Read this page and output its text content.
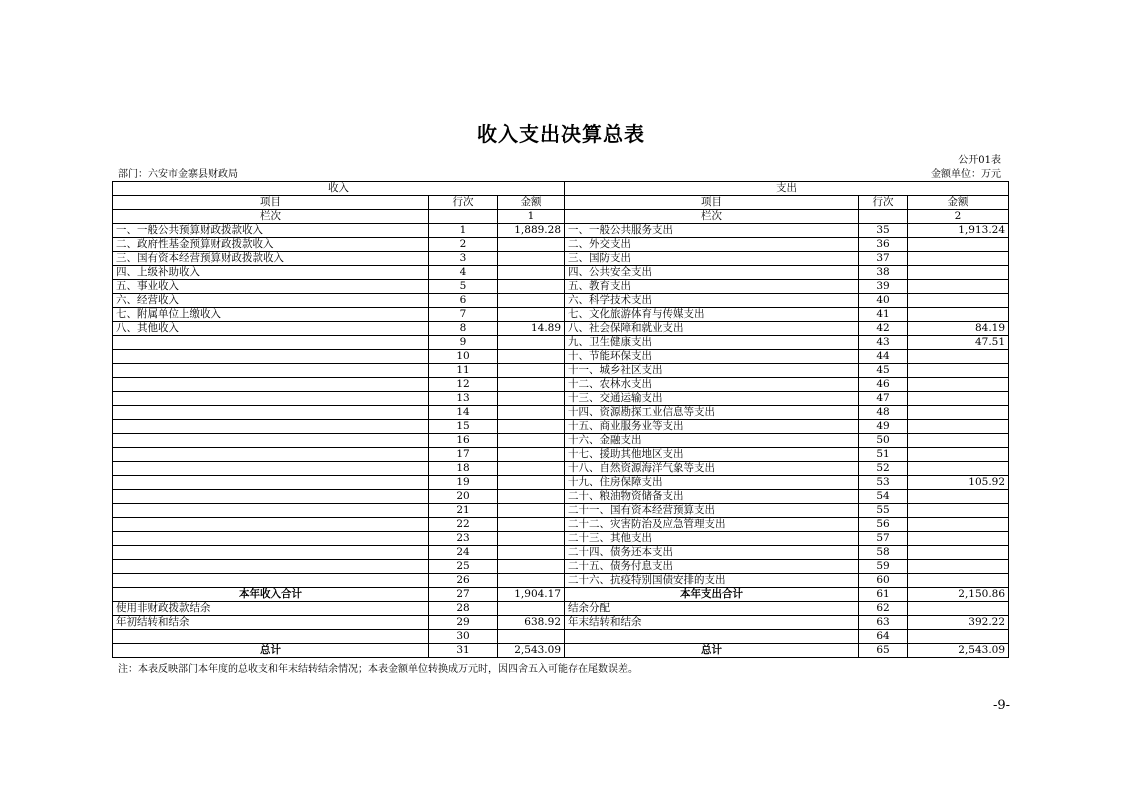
收入支出决算总表
公开01表
部门：六安市金寨县财政局	金额单位：万元
收入			支出		
项目	行次	金额	项目	行次	金额
栏次		1	栏次		2
一、一般公共预算财政拨款收入	1	1,889.28	一、一般公共服务支出	35	1,913.24
二、政府性基金预算财政拨款收入	2		二、外交支出	36	
三、国有资本经营预算财政拨款收入	3		三、国防支出	37	
四、上级补助收入	4		四、公共安全支出	38	
五、事业收入	5		五、教育支出	39	
六、经营收入	6		六、科学技术支出	40	
七、附属单位上缴收入	7		七、文化旅游体育与传媒支出	41	
八、其他收入	8	14.89	八、社会保障和就业支出	42	84.19
	9		九、卫生健康支出	43	47.51
	10		十、节能环保支出	44	
	11		十一、城乡社区支出	45	
	12		十二、农林水支出	46	
	13		十三、交通运输支出	47	
	14		十四、资源勘探工业信息等支出	48	
	15		十五、商业服务业等支出	49	
	16		十六、金融支出	50	
	17		十七、援助其他地区支出	51	
	18		十八、自然资源海洋气象等支出	52	
	19		十九、住房保障支出	53	105.92
	20		二十、粮油物资储备支出	54	
	21		二十一、国有资本经营预算支出	55	
	22		二十二、灾害防治及应急管理支出	56	
	23		二十三、其他支出	57	
	24		二十四、债务还本支出	58	
	25		二十五、债务付息支出	59	
	26		二十六、抗疫特别国债安排的支出	60	
本年收入合计	27	1,904.17	本年支出合计	61	2,150.86
使用非财政拨款结余	28		结余分配	62	
年初结转和结余	29	638.92	年末结转和结余	63	392.22
	30			64	
总计	31	2,543.09	总计	65	2,543.09
注：本表反映部门本年度的总收支和年末结转结余情况；本表金额单位转换成万元时，因四舍五入可能存在尾数误差。
-9-
